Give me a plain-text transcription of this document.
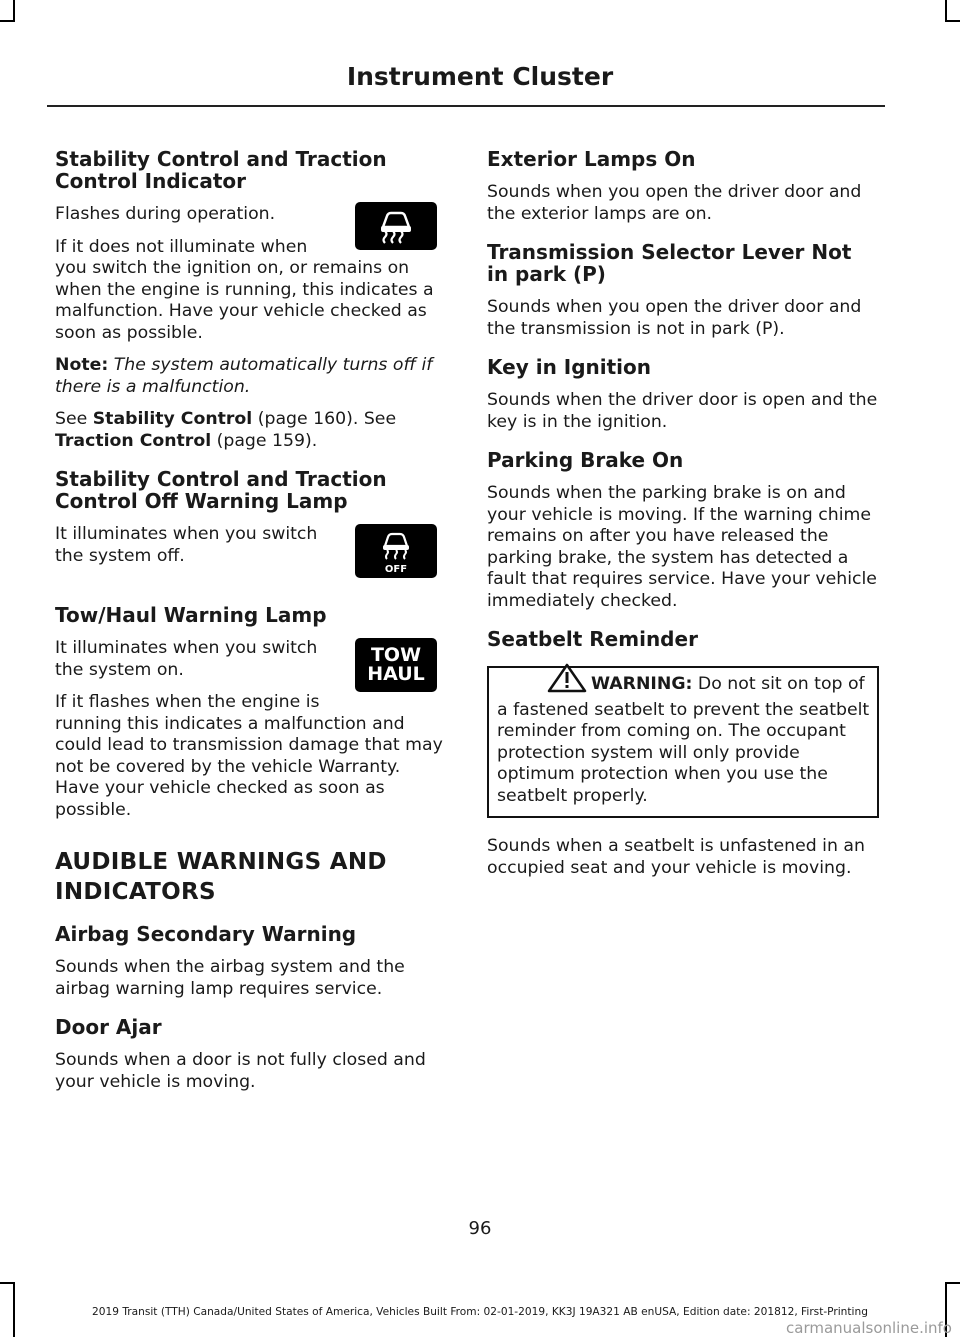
Instrument Cluster
Stability Control and Traction Control Indicator

Flashes during operation.

If it does not illuminate when you switch the ignition on, or remains on when the engine is running, this indicates a malfunction. Have your vehicle checked as soon as possible.

Note: The system automatically turns off if there is a malfunction.

See Stability Control (page 160). See Traction Control (page 159).

Stability Control and Traction Control Off Warning Lamp
OFF

It illuminates when you switch the system off.

Tow/Haul Warning Lamp
TOW
HAUL

It illuminates when you switch the system on.

If it flashes when the engine is running this indicates a malfunction and could lead to transmission damage that may not be covered by the vehicle Warranty. Have your vehicle checked as soon as possible.

AUDIBLE WARNINGS AND INDICATORS
Airbag Secondary Warning

Sounds when the airbag system and the airbag warning lamp requires service.

Door Ajar

Sounds when a door is not fully closed and your vehicle is moving.

Exterior Lamps On

Sounds when you open the driver door and the exterior lamps are on.

Transmission Selector Lever Not in park (P)

Sounds when you open the driver door and the transmission is not in park (P).

Key in Ignition

Sounds when the driver door is open and the key is in the ignition.

Parking Brake On

Sounds when the parking brake is on and your vehicle is moving. If the warning chime remains on after you have released the parking brake, the system has detected a fault that requires service. Have your vehicle immediately checked.

Seatbelt Reminder

WARNING: Do not sit on top of a fastened seatbelt to prevent the seatbelt reminder from coming on. The occupant protection system will only provide optimum protection when you use the seatbelt properly.

Sounds when a seatbelt is unfastened in an occupied seat and your vehicle is moving.

96

2019 Transit (TTH) Canada/United States of America, Vehicles Built From: 02-01-2019, KK3J 19A321 AB enUSA, Edition date: 201812, First-Printing

carmanualsonline.info
